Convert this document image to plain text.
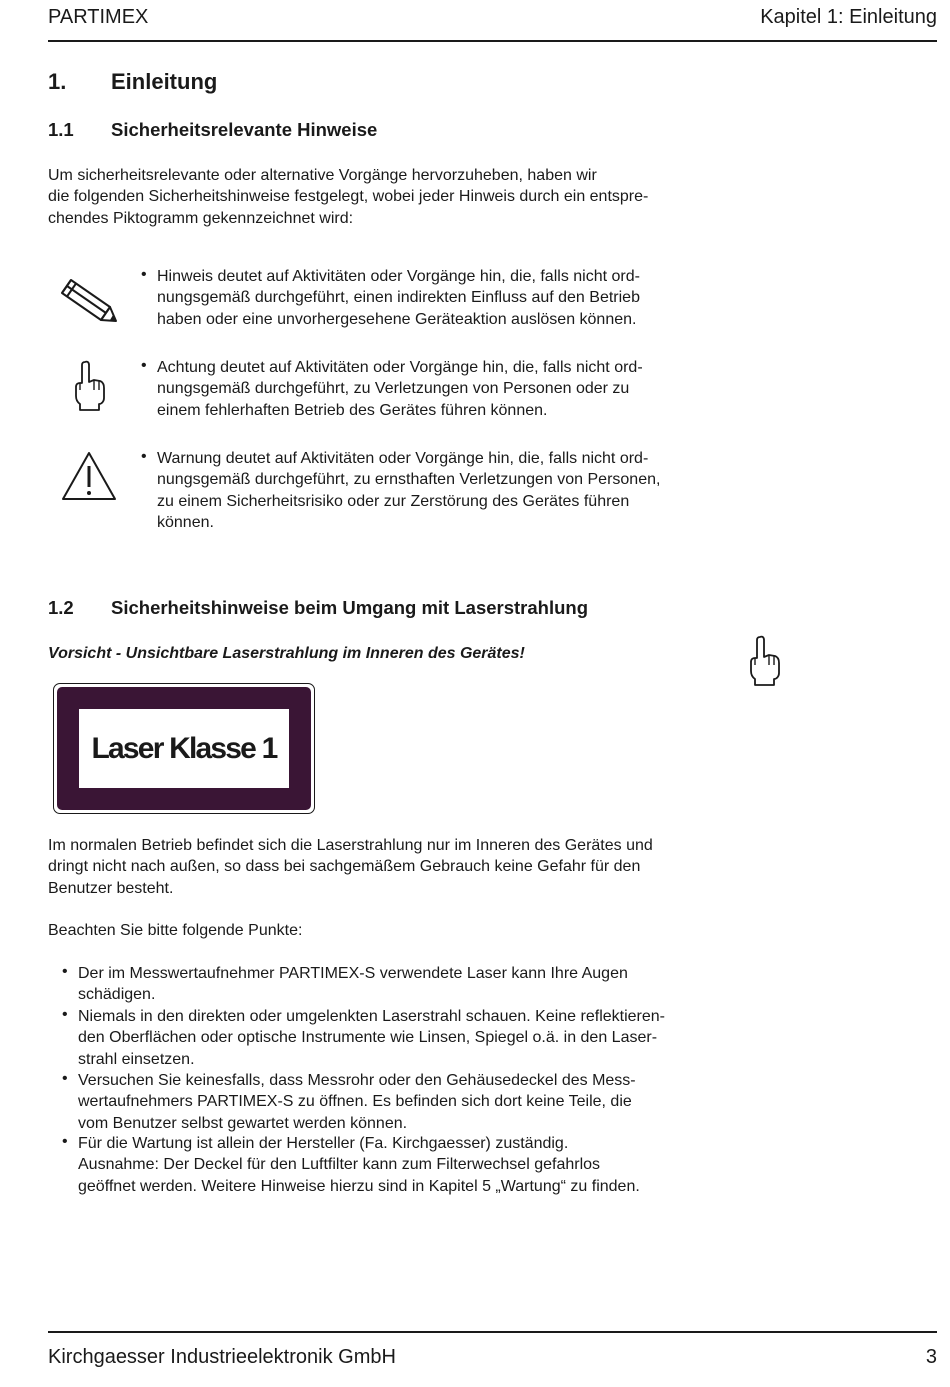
PARTIMEX	Kapitel 1: Einleitung
1. Einleitung
1.1 Sicherheitsrelevante Hinweise
Um sicherheitsrelevante oder alternative Vorgänge hervorzuheben, haben wir
die folgenden Sicherheitshinweise festgelegt, wobei jeder Hinweis durch ein entspre-
chendes Piktogramm gekennzeichnet wird:
• Hinweis deutet auf Aktivitäten oder Vorgänge hin, die, falls nicht ord-
nungsgemäß durchgeführt, einen indirekten Einfluss auf den Betrieb
haben oder eine unvorhergesehene Geräteaktion auslösen können.
• Achtung deutet auf Aktivitäten oder Vorgänge hin, die, falls nicht ord-
nungsgemäß durchgeführt, zu Verletzungen von Personen oder zu
einem fehlerhaften Betrieb des Gerätes führen können.
• Warnung deutet auf Aktivitäten oder Vorgänge hin, die, falls nicht ord-
nungsgemäß durchgeführt, zu ernsthaften Verletzungen von Personen,
zu einem Sicherheitsrisiko oder zur Zerstörung des Gerätes führen
können.
1.2 Sicherheitshinweise beim Umgang mit Laserstrahlung
Vorsicht - Unsichtbare Laserstrahlung im Inneren des Gerätes!
Laser Klasse 1
Im normalen Betrieb befindet sich die Laserstrahlung nur im Inneren des Gerätes und
dringt nicht nach außen, so dass bei sachgemäßem Gebrauch keine Gefahr für den
Benutzer besteht.
Beachten Sie bitte folgende Punkte:
• Der im Messwertaufnehmer PARTIMEX-S verwendete Laser kann Ihre Augen
schädigen.
• Niemals in den direkten oder umgelenkten Laserstrahl schauen. Keine reflektieren-
den Oberflächen oder optische Instrumente wie Linsen, Spiegel o.ä. in den Laser-
strahl einsetzen.
• Versuchen Sie keinesfalls, dass Messrohr oder den Gehäusedeckel des Mess-
wertaufnehmers PARTIMEX-S zu öffnen. Es befinden sich dort keine Teile, die
vom Benutzer selbst gewartet werden können.
• Für die Wartung ist allein der Hersteller (Fa. Kirchgaesser) zuständig.
Ausnahme: Der Deckel für den Luftfilter kann zum Filterwechsel gefahrlos
geöffnet werden. Weitere Hinweise hierzu sind in Kapitel 5 „Wartung“ zu finden.
Kirchgaesser Industrieelektronik GmbH	3
